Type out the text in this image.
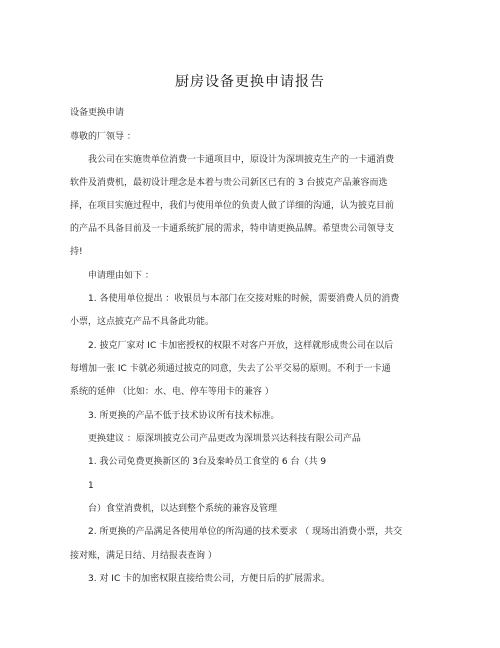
厨房设备更换申请报告
设备更换申请
尊敬的厂领导 ：
我公司在实施贵单位消费一卡通项目中，原设计为深圳披克生产的一卡通消费
软件及消费机，最初设计理念是本着与贵公司新区已有的 3 台披克产品兼容而选
择，在项目实施过程中，我们与使用单位的负责人做了详细的沟通，认为披克目前
的产品不具备目前及一卡通系统扩展的需求，特申请更换品牌。希望贵公司领导支
持!
申请理由如下 ：
1. 各使用单位提出 ：收银员与本部门在交接对账的时候，需要消费人员的消费
小票，这点披克产品不具备此功能。
2. 披克厂家对 IC 卡加密授权的权限不对客户开放，这样就形成贵公司在以后
每增加一张 IC 卡就必须通过披克的同意，失去了公平交易的原则。不利于一卡通
系统的延伸 （比如：水、电、停车等用卡的兼容 ）
3. 所更换的产品不低于技术协议所有技术标准。
更换建议 ：原深圳披克公司产品更改为深圳景兴达科技有限公司产品
1. 我公司免费更换新区的 3台及秦岭员工食堂的 6 台（共 9
1
台）食堂消费机，以达到整个系统的兼容及管理
2. 所更换的产品满足各使用单位的所沟通的技术要求 （ 现场出消费小票，共交
接对账，满足日结、月结报表查询 ）
3. 对 IC 卡的加密权限直接给贵公司，方便日后的扩展需求。
